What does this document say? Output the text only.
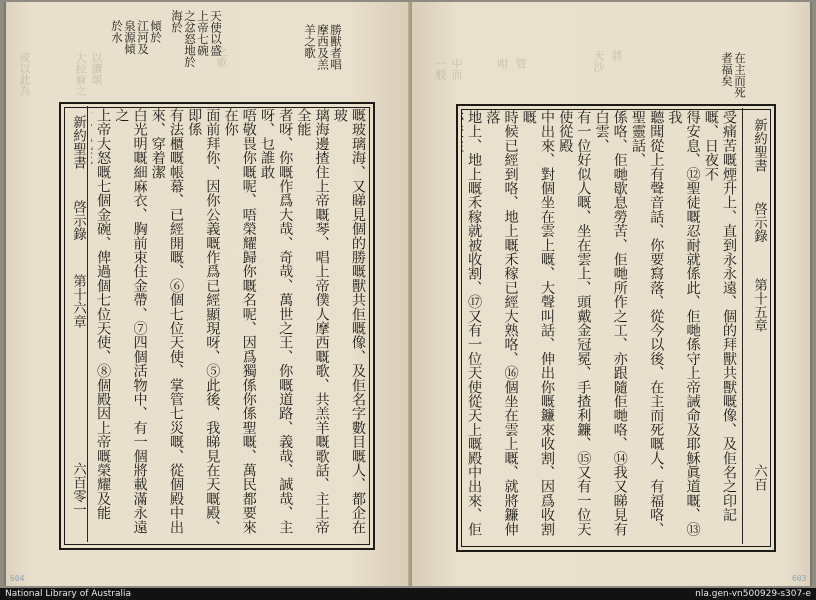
或以此為	大拉麻之 以讚頌	之歌
天使以盛
上帝七碗
之忿怒地於
海於
傾於
江河及
泉源傾
於水	勝獸者唱
摩西及羔
羊之歌
新約聖書
啓示錄
第十六章
六百零一	嘅玻璃海、又睇見個的勝嘅獸共佢嘅像、及佢名字數目嘅人、都企在玻
璃海邊揸住上帝嘅琴、唱上帝僕人摩西嘅歌、共羔羊嘅歌話、主上帝全能
者呀、你嘅作爲大哉、奇哉、萬世之王、你嘅道路、義哉、誠哉、主呀、乜誰敢
唔敬畏你嘅呢、唔榮耀歸你嘅名呢、因爲獨係你係聖嘅、萬民都要來在你
面前拜你、因你公義嘅作爲已經顯現呀、⑤此後、我睇見在天嘅殿、即係
有法櫃嘅帳幕、已經開嘅、⑥個七位天使、掌管七災嘅、從個殿中出來、穿着潔
白光明嘅細麻衣、胸前束住金帶、⑦四個活物中、有一個將載滿永遠之
上帝大怒嘅七個金碗、俾過個七位天使、⑧個殿因上帝嘅榮耀及能

604
一般 中而	咁 管	天沙 將	在主而死
者福矣
新約聖書
啓示錄
第十五章
六百
受痛苦嘅煙升上、直到永永遠、個的拜獸共獸嘅像、及佢名之印記嘅、日夜不
得安息、⑫聖徒嘅忍耐就係此、佢哋係守上帝誡命及耶穌眞道嘅、⑬我
聽聞從上有聲音話、你要寫落、從今以後、在主而死嘅人、有福咯、聖靈話、
係咯、佢哋歇息勞苦、佢哋所作之工、亦跟隨佢哋咯、⑭我又睇見有白雲、
有一位好似人嘅、坐在雲上、頭戴金冠冕、手揸利鐮、⑮又有一位天使從殿
中出來、對個坐在雲上嘅、大聲叫話、伸出你嘅鐮來收割、因爲收割嘅
時候已經到咯、地上嘅禾稼已經大熟咯、⑯個坐在雲上嘅、就將鐮伸落
地上、地上嘅禾稼就被收割、⑰又有一位天使從天上嘅殿中出來、佢

603
National Library of Australia	nla.gen-vn500929-s307-e
